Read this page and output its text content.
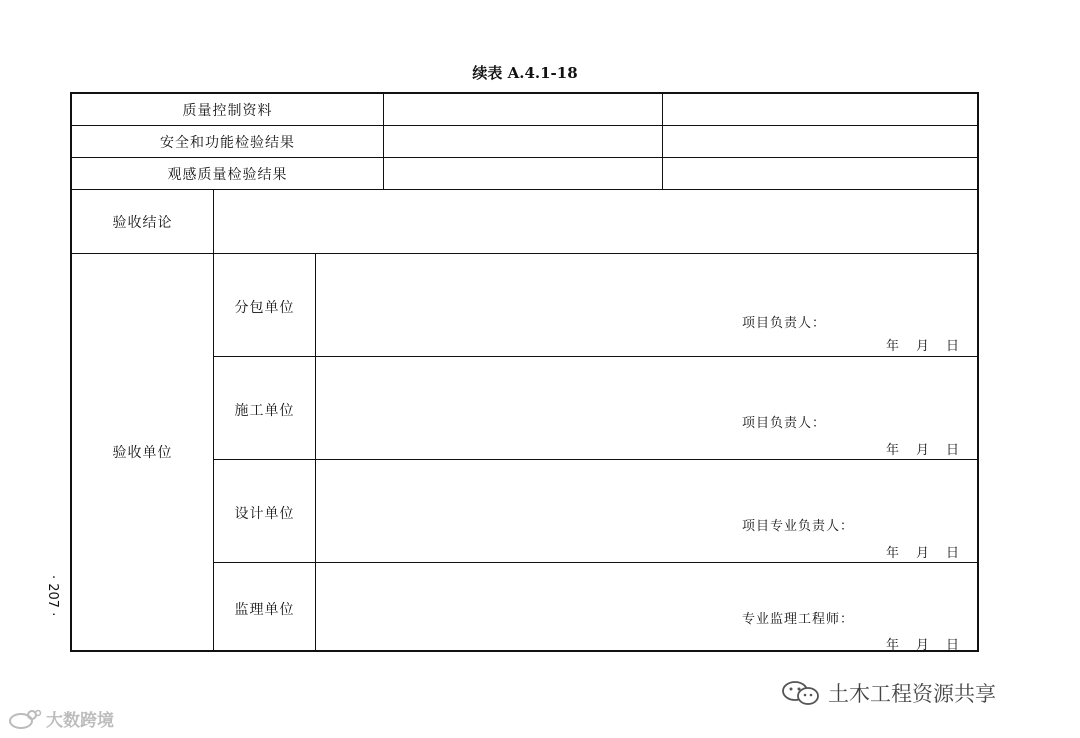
续表 A.4.1-18
质量控制资料
安全和功能检验结果
观感质量检验结果
验收结论
验收单位
分包单位
项目负责人：
年 月 日
施工单位
项目负责人：
年 月 日
设计单位
项目专业负责人：
年 月 日
监理单位
专业监理工程师：
年 月 日
· 207 ·
大数跨境
土木工程资源共享
